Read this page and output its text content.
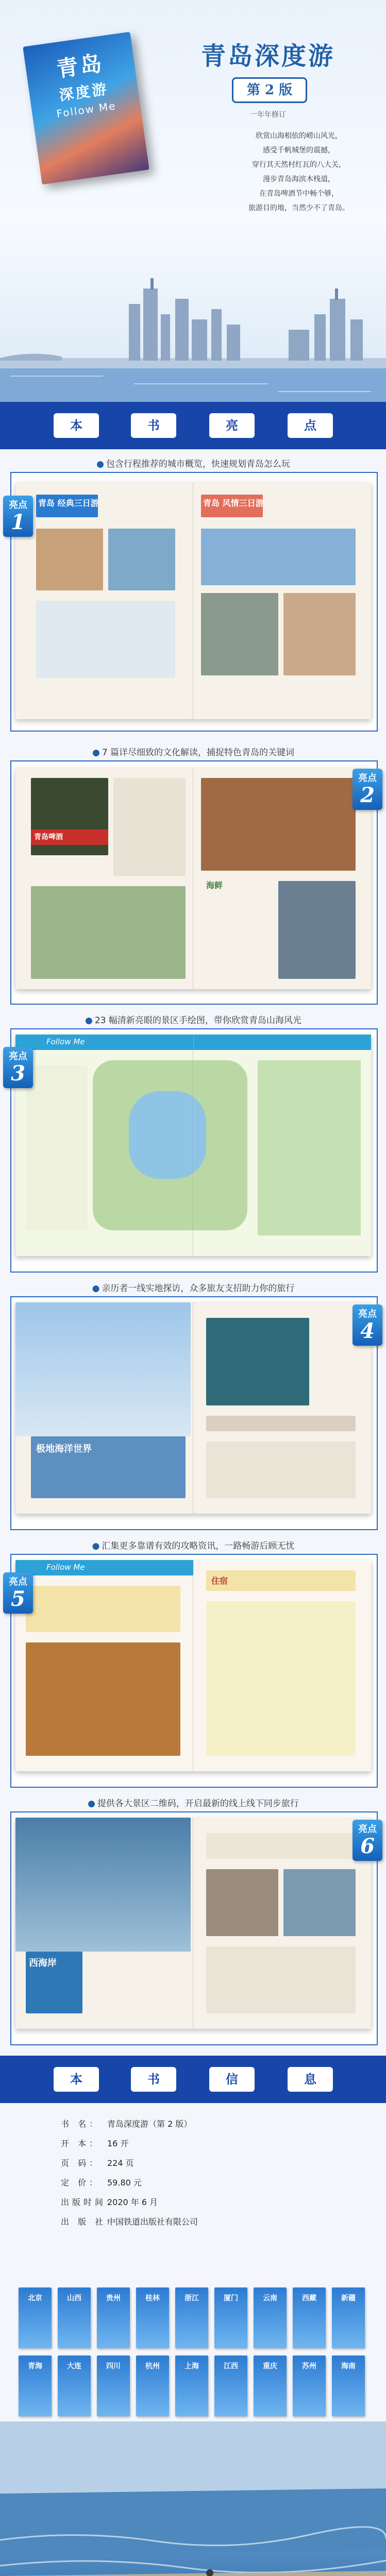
青岛
深度游
Follow Me
青岛深度游
第 2 版
一年年修订
欣赏山海相依的崂山风光，
感受千帆城堡的震撼，
穿行其天然村红瓦的八大关，
漫步青岛海滨木栈道，
在青岛啤酒节中畅个够，
旅游目的地，当然少不了青岛。
本	书	亮	点
● 包含行程推荐的城市概览，快速规划青岛怎么玩
青岛 经典三日游	青岛 风情三日游
亮点
1
● 7 篇详尽细致的文化解读，捕捉特色青岛的关键词
青岛啤酒
海鲜
亮点
2
● 23 幅清新亮眼的景区手绘图，带你欣赏青岛山海风光
Follow Me
亮点
3
● 亲历者一线实地探访，众多旅友支招助力你的旅行
极地海洋世界
亮点
4
● 汇集更多靠谱有效的攻略资讯，一路畅游后顾无忧
Follow Me
住宿
亮点
5
● 提供各大景区二维码，开启最新的线上线下同步旅行
西海岸
亮点
6
本	书	信	息
书 名： 青岛深度游（第 2 版）
开 本： 16 开
页 码： 224 页
定 价： 59.80 元
出版时间：2020 年 6 月
出 版 社：中国铁道出版社有限公司
北京	山西	贵州	桂林	浙江	厦门	云南	西藏	新疆
青海	大连	四川	杭州	上海	江西	重庆	苏州	海南
